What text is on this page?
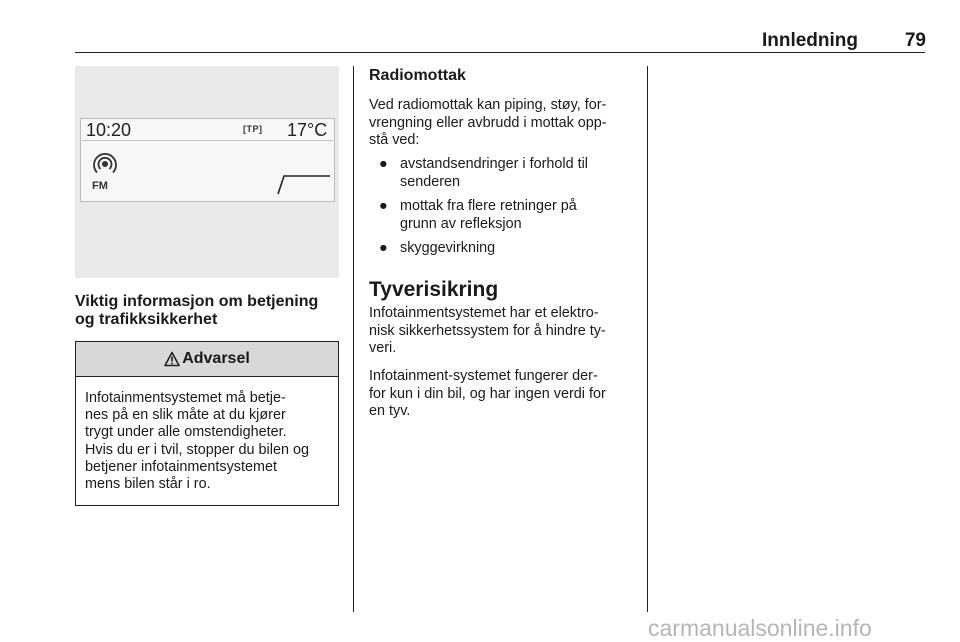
Innledning	79
10:20	[TP] 17°C
FM
Viktig informasjon om betjening
og trafikksikkerhet
Advarsel
Infotainmentsystemet må betje-
nes på en slik måte at du kjører
trygt under alle omstendigheter.
Hvis du er i tvil, stopper du bilen og
betjener infotainmentsystemet
mens bilen står i ro.
Radiomottak
Ved radiomottak kan piping, støy, for-
vrengning eller avbrudd i mottak opp-
stå ved:
● avstandsendringer i forhold til
senderen
● mottak fra flere retninger på
grunn av refleksjon
● skyggevirkning
Tyverisikring
Infotainmentsystemet har et elektro-
nisk sikkerhetssystem for å hindre ty-
veri.
Infotainment-systemet fungerer der-
for kun i din bil, og har ingen verdi for
en tyv.
carmanualsonline.info
